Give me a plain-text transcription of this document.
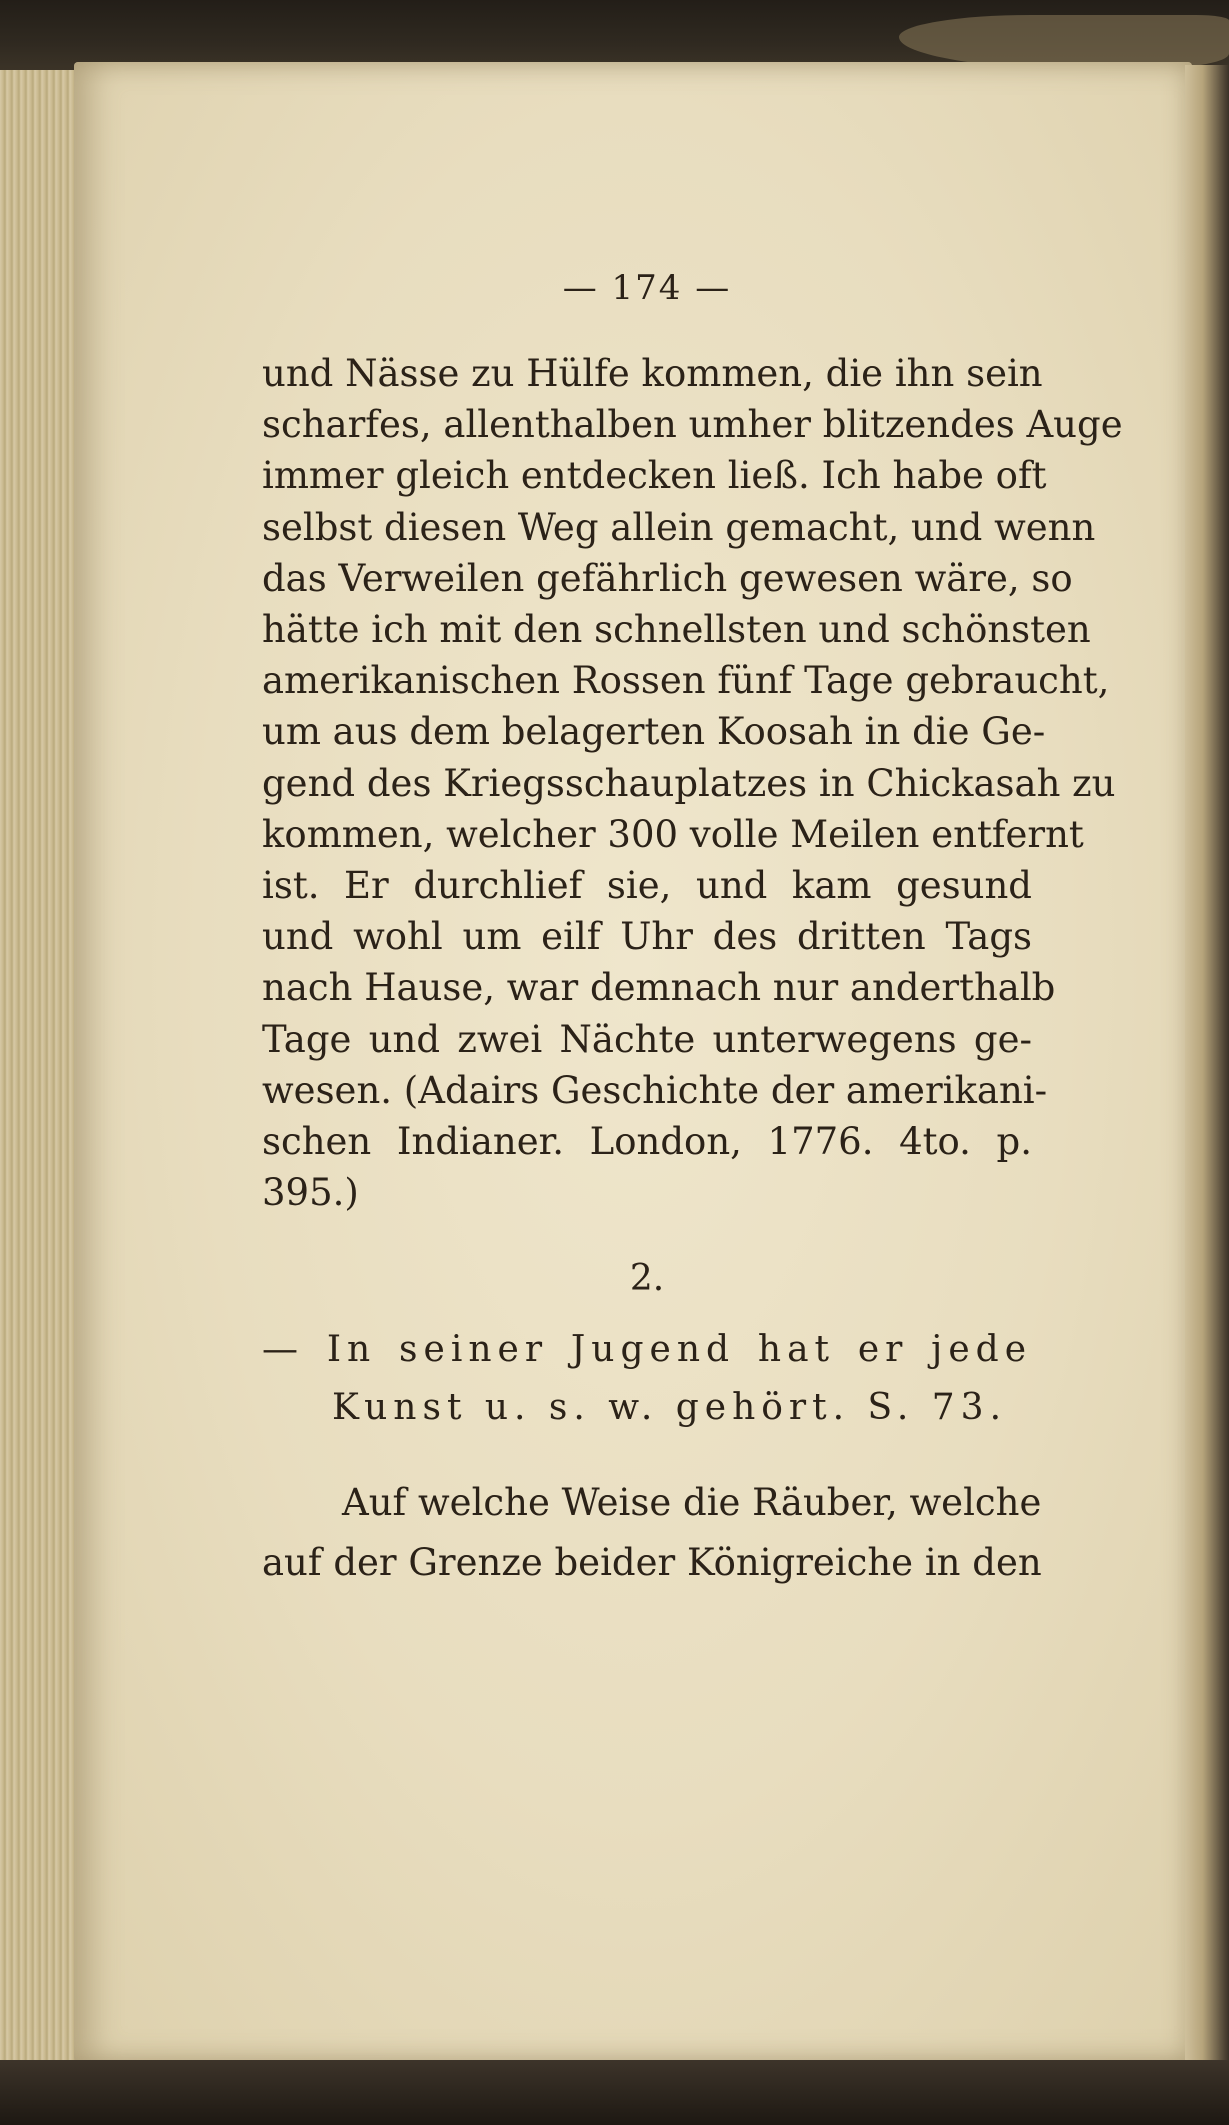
— 174 —
und Nässe zu Hülfe kommen, die ihn sein
scharfes, allenthalben umher blitzendes Auge
immer gleich entdecken ließ. Ich habe oft
selbst diesen Weg allein gemacht, und wenn
das Verweilen gefährlich gewesen wäre, so
hätte ich mit den schnellsten und schönsten
amerikanischen Rossen fünf Tage gebraucht,
um aus dem belagerten Koosah in die Ge-
gend des Kriegsschauplatzes in Chickasah zu
kommen, welcher 300 volle Meilen entfernt
ist. Er durchlief sie, und kam gesund
und wohl um eilf Uhr des dritten Tags
nach Hause, war demnach nur anderthalb
Tage und zwei Nächte unterwegens ge-
wesen. (Adairs Geschichte der amerikani-
schen Indianer. London, 1776. 4to. p.
395.)
2.
— In seiner Jugend hat er jede
Kunst u. s. w. gehört. S. 73.
Auf welche Weise die Räuber, welche
auf der Grenze beider Königreiche in den
